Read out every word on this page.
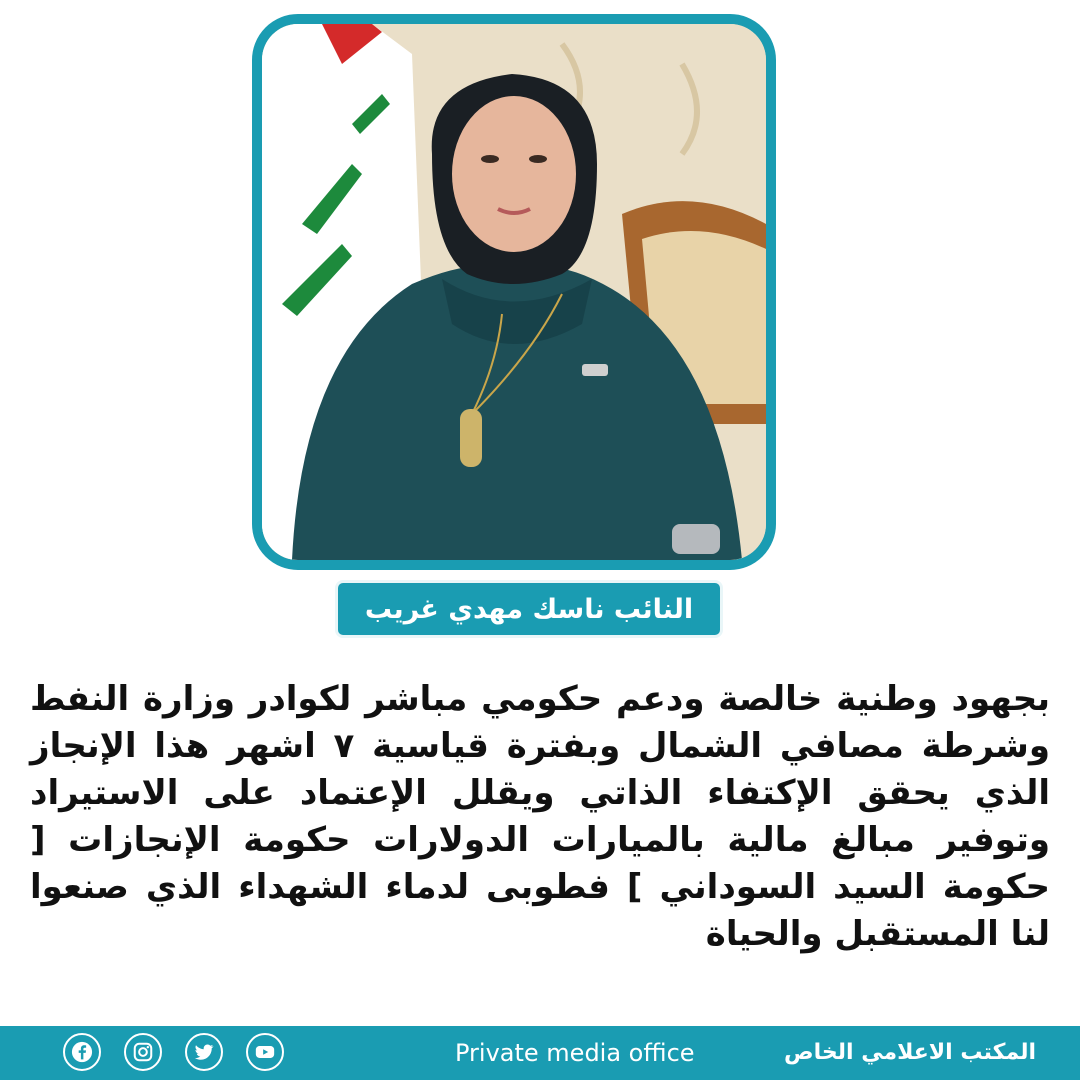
النائب ناسك مهدي غريب
بجهود وطنية خالصة ودعم حكومي مباشر لكوادر وزارة النفط وشرطة مصافي الشمال وبفترة قياسية ٧ اشهر هذا الإنجاز الذي يحقق الإكتفاء الذاتي ويقلل الإعتماد على الاستيراد وتوفير مبالغ مالية بالميارات الدولارات حكومة الإنجازات [ حكومة السيد السوداني ] فطوبى لدماء الشهداء الذي صنعوا لنا المستقبل والحياة
المكتب الاعلامي الخاص
Private media office
